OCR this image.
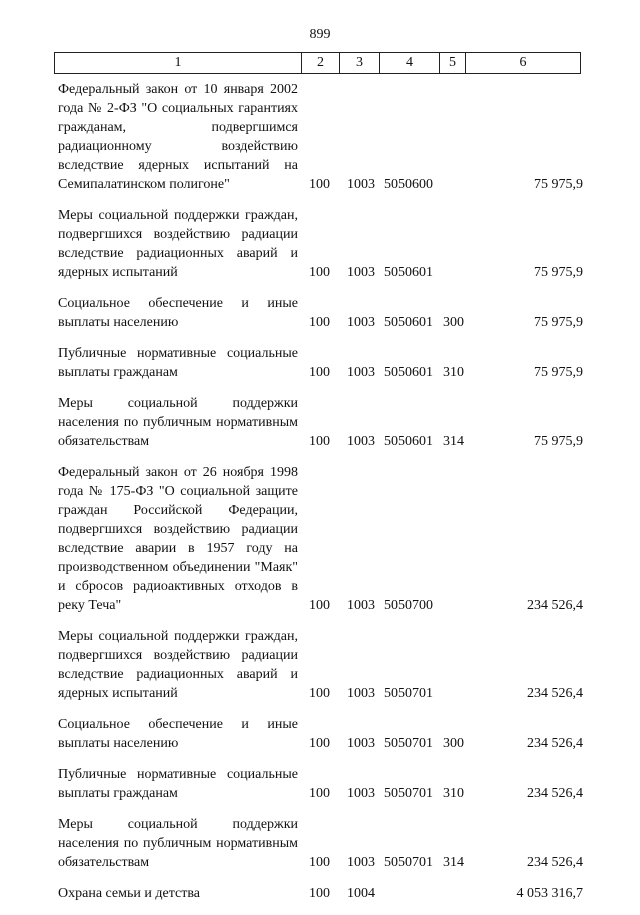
899
1	2	3	4	5	6
Федеральный закон от 10 января 2002 года № 2-ФЗ "О социальных гарантиях гражданам, подвергшимся радиационному воздействию вследствие ядерных испытаний на Семипалатинском полигоне"	100 1003 5050600	75 975,9
Меры социальной поддержки граждан, подвергшихся воздействию радиации вследствие радиационных аварий и ядерных испытаний	100 1003 5050601	75 975,9
Социальное обеспечение и иные выплаты населению	100 1003 5050601 300	75 975,9
Публичные нормативные социальные выплаты гражданам	100 1003 5050601 310	75 975,9
Меры социальной поддержки населения по публичным нормативным обязательствам	100 1003 5050601 314	75 975,9
Федеральный закон от 26 ноября 1998 года № 175-ФЗ "О социальной защите граждан Российской Федерации, подвергшихся воздействию радиации вследствие аварии в 1957 году на производственном объединении "Маяк" и сбросов радиоактивных отходов в реку Теча"	100 1003 5050700	234 526,4
Меры социальной поддержки граждан, подвергшихся воздействию радиации вследствие радиационных аварий и ядерных испытаний	100 1003 5050701	234 526,4
Социальное обеспечение и иные выплаты населению	100 1003 5050701 300	234 526,4
Публичные нормативные социальные выплаты гражданам	100 1003 5050701 310	234 526,4
Меры социальной поддержки населения по публичным нормативным обязательствам	100 1003 5050701 314	234 526,4
Охрана семьи и детства	100 1004	4 053 316,7
